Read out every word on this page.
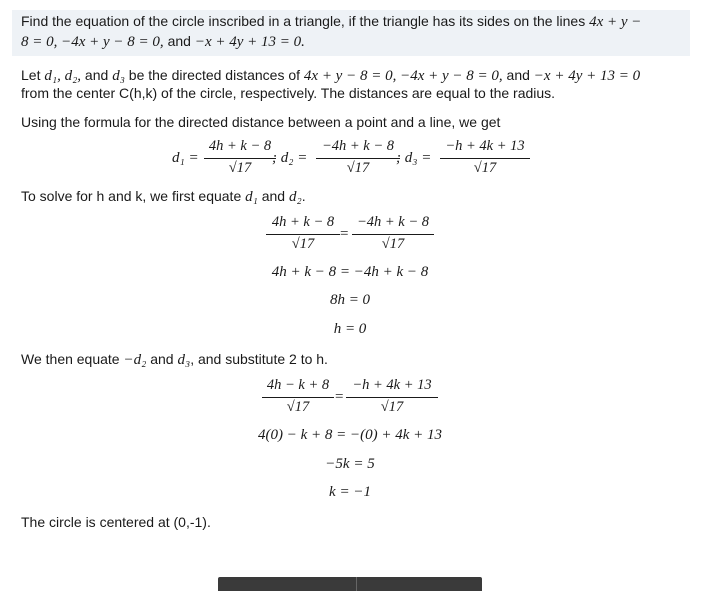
Find the equation of the circle inscribed in a triangle, if the triangle has its sides on the lines 4x + y −
8 = 0, −4x + y − 8 = 0, and −x + 4y + 13 = 0.
Let d₁, d₂, and d₃ be the directed distances of 4x + y − 8 = 0, −4x + y − 8 = 0, and −x + 4y + 13 = 0
from the center C(h,k) of the circle, respectively. The distances are equal to the radius.
Using the formula for the directed distance between a point and a line, we get
d₁ =
4h + k − 8
√17
; d₂ =
−4h + k − 8
√17
; d₃ =
−h + 4k + 13
√17
To solve for h and k, we first equate d₁ and d₂.
4h + k − 8
√17
=
−4h + k − 8
√17
4h + k − 8 = −4h + k − 8
8h = 0
h = 0
We then equate −d₂ and d₃, and substitute 2 to h.
4h − k + 8
√17
=
−h + 4k + 13
√17
4(0) − k + 8 = −(0) + 4k + 13
−5k = 5
k = −1
The circle is centered at (0,-1).
